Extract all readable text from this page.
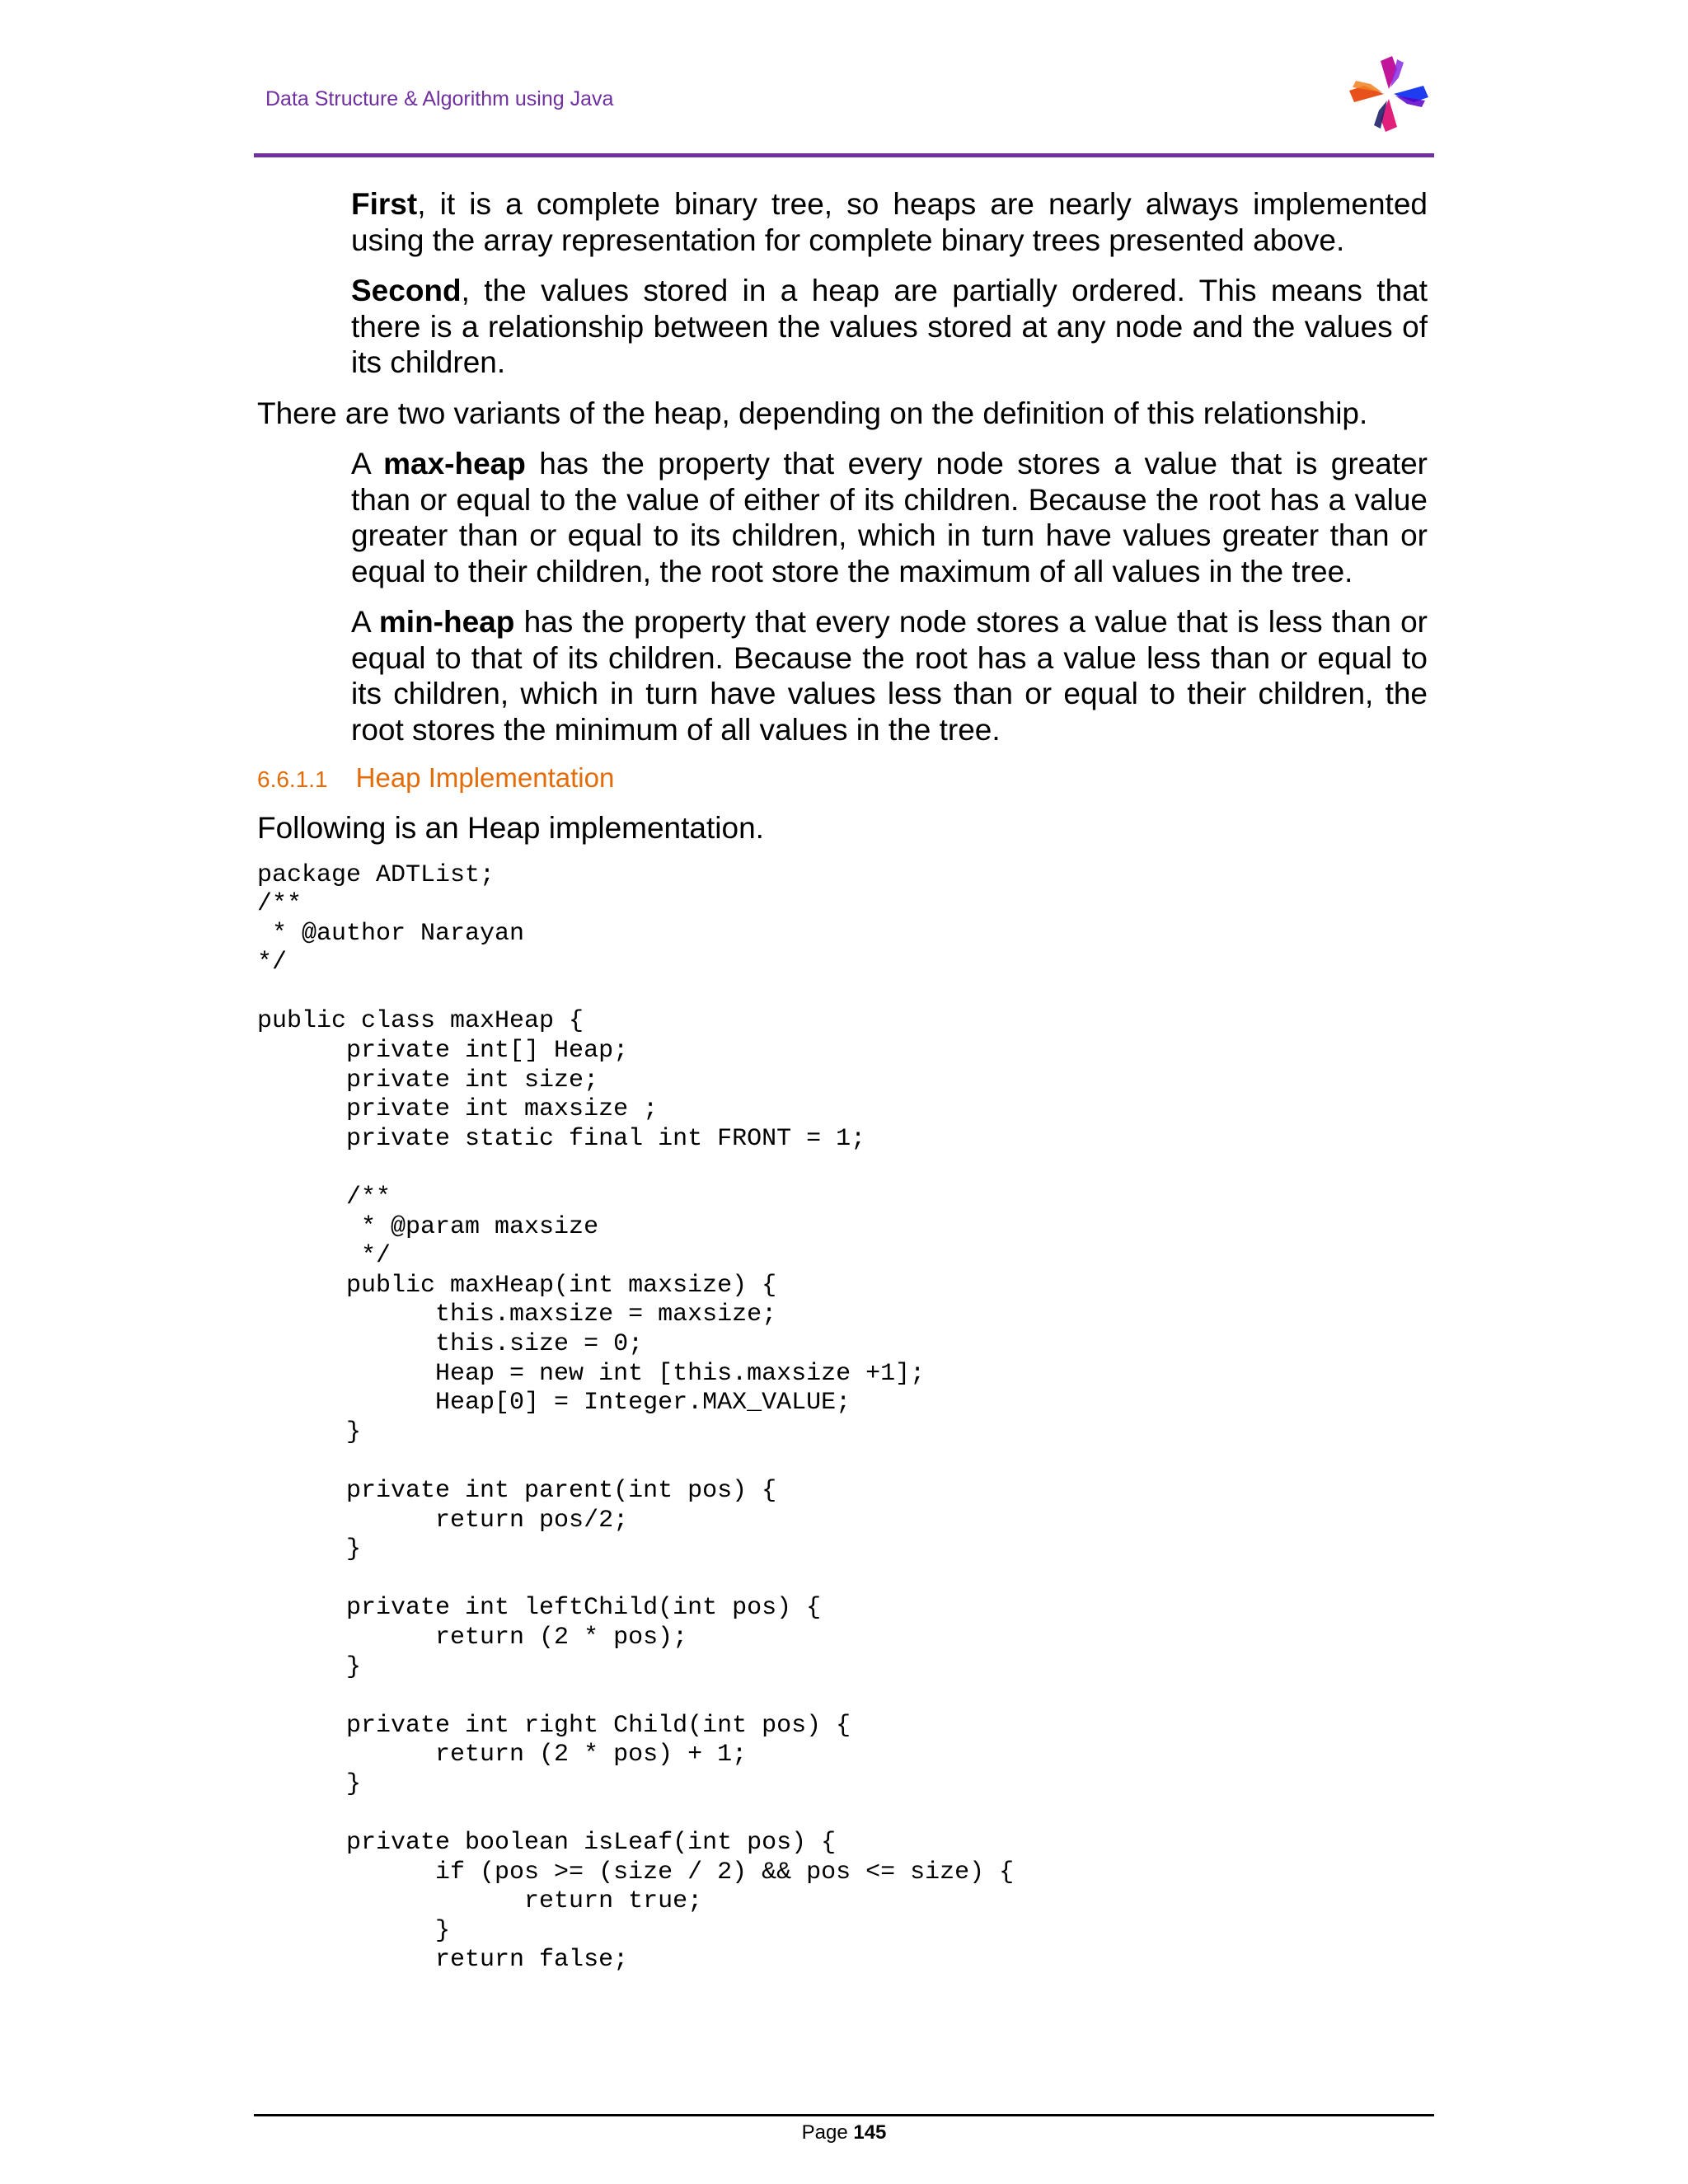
Data Structure & Algorithm using Java

First, it is a complete binary tree, so heaps are nearly always implemented using the array representation for complete binary trees presented above.

Second, the values stored in a heap are partially ordered. This means that there is a relationship between the values stored at any node and the values of its children.

There are two variants of the heap, depending on the definition of this relationship.

A max-heap has the property that every node stores a value that is greater than or equal to the value of either of its children. Because the root has a value greater than or equal to its children, which in turn have values greater than or equal to their children, the root store the maximum of all values in the tree.

A min-heap has the property that every node stores a value that is less than or equal to that of its children. Because the root has a value less than or equal to its children, which in turn have values less than or equal to their children, the root stores the minimum of all values in the tree.

6.6.1.1 Heap Implementation

Following is an Heap implementation.

package ADTList;
/**
* @author Narayan
*/

public class maxHeap {
private int[] Heap;
private int size;
private int maxsize ;
private static final int FRONT = 1;

/**
* @param maxsize
*/
public maxHeap(int maxsize) {
this.maxsize = maxsize;
this.size = 0;
Heap = new int [this.maxsize +1];
Heap[0] = Integer.MAX_VALUE;
}

private int parent(int pos) {
return pos/2;
}

private int leftChild(int pos) {
return (2 * pos);
}

private int right Child(int pos) {
return (2 * pos) + 1;
}

private boolean isLeaf(int pos) {
if (pos >= (size / 2) && pos <= size) {
return true;
}
return false;
Page 145
